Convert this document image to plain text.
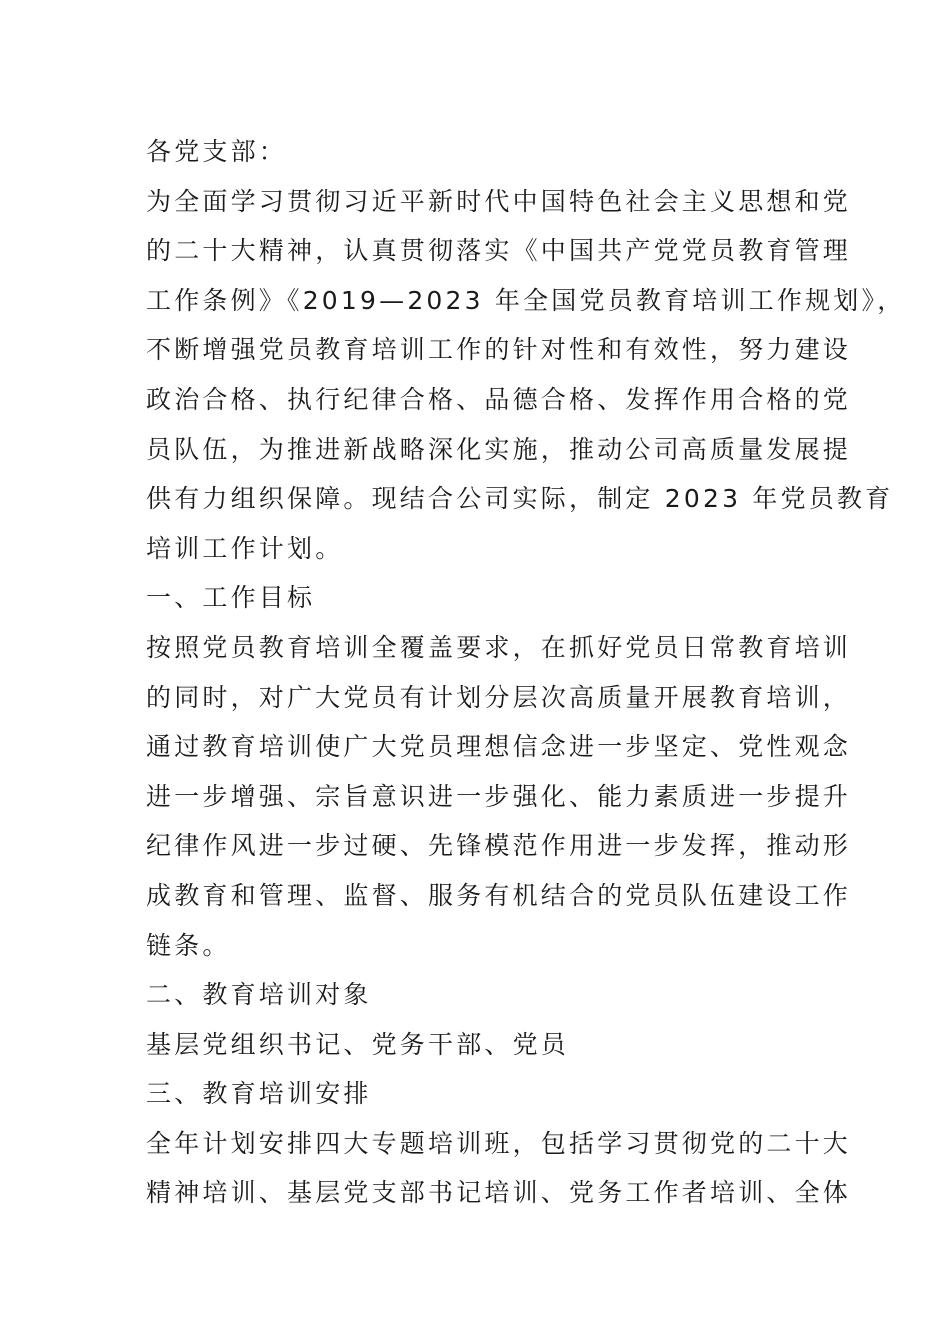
各党支部：
为全面学习贯彻习近平新时代中国特色社会主义思想和党
的二十大精神，认真贯彻落实《中国共产党党员教育管理
工作条例》《2019—2023 年全国党员教育培训工作规划》，
不断增强党员教育培训工作的针对性和有效性，努力建设
政治合格、执行纪律合格、品德合格、发挥作用合格的党
员队伍，为推进新战略深化实施，推动公司高质量发展提
供有力组织保障。现结合公司实际，制定 2023 年党员教育
培训工作计划。
一、工作目标
按照党员教育培训全覆盖要求，在抓好党员日常教育培训
的同时，对广大党员有计划分层次高质量开展教育培训，
通过教育培训使广大党员理想信念进一步坚定、党性观念
进一步增强、宗旨意识进一步强化、能力素质进一步提升
纪律作风进一步过硬、先锋模范作用进一步发挥，推动形
成教育和管理、监督、服务有机结合的党员队伍建设工作
链条。
二、教育培训对象
基层党组织书记、党务干部、党员
三、教育培训安排
全年计划安排四大专题培训班，包括学习贯彻党的二十大
精神培训、基层党支部书记培训、党务工作者培训、全体
